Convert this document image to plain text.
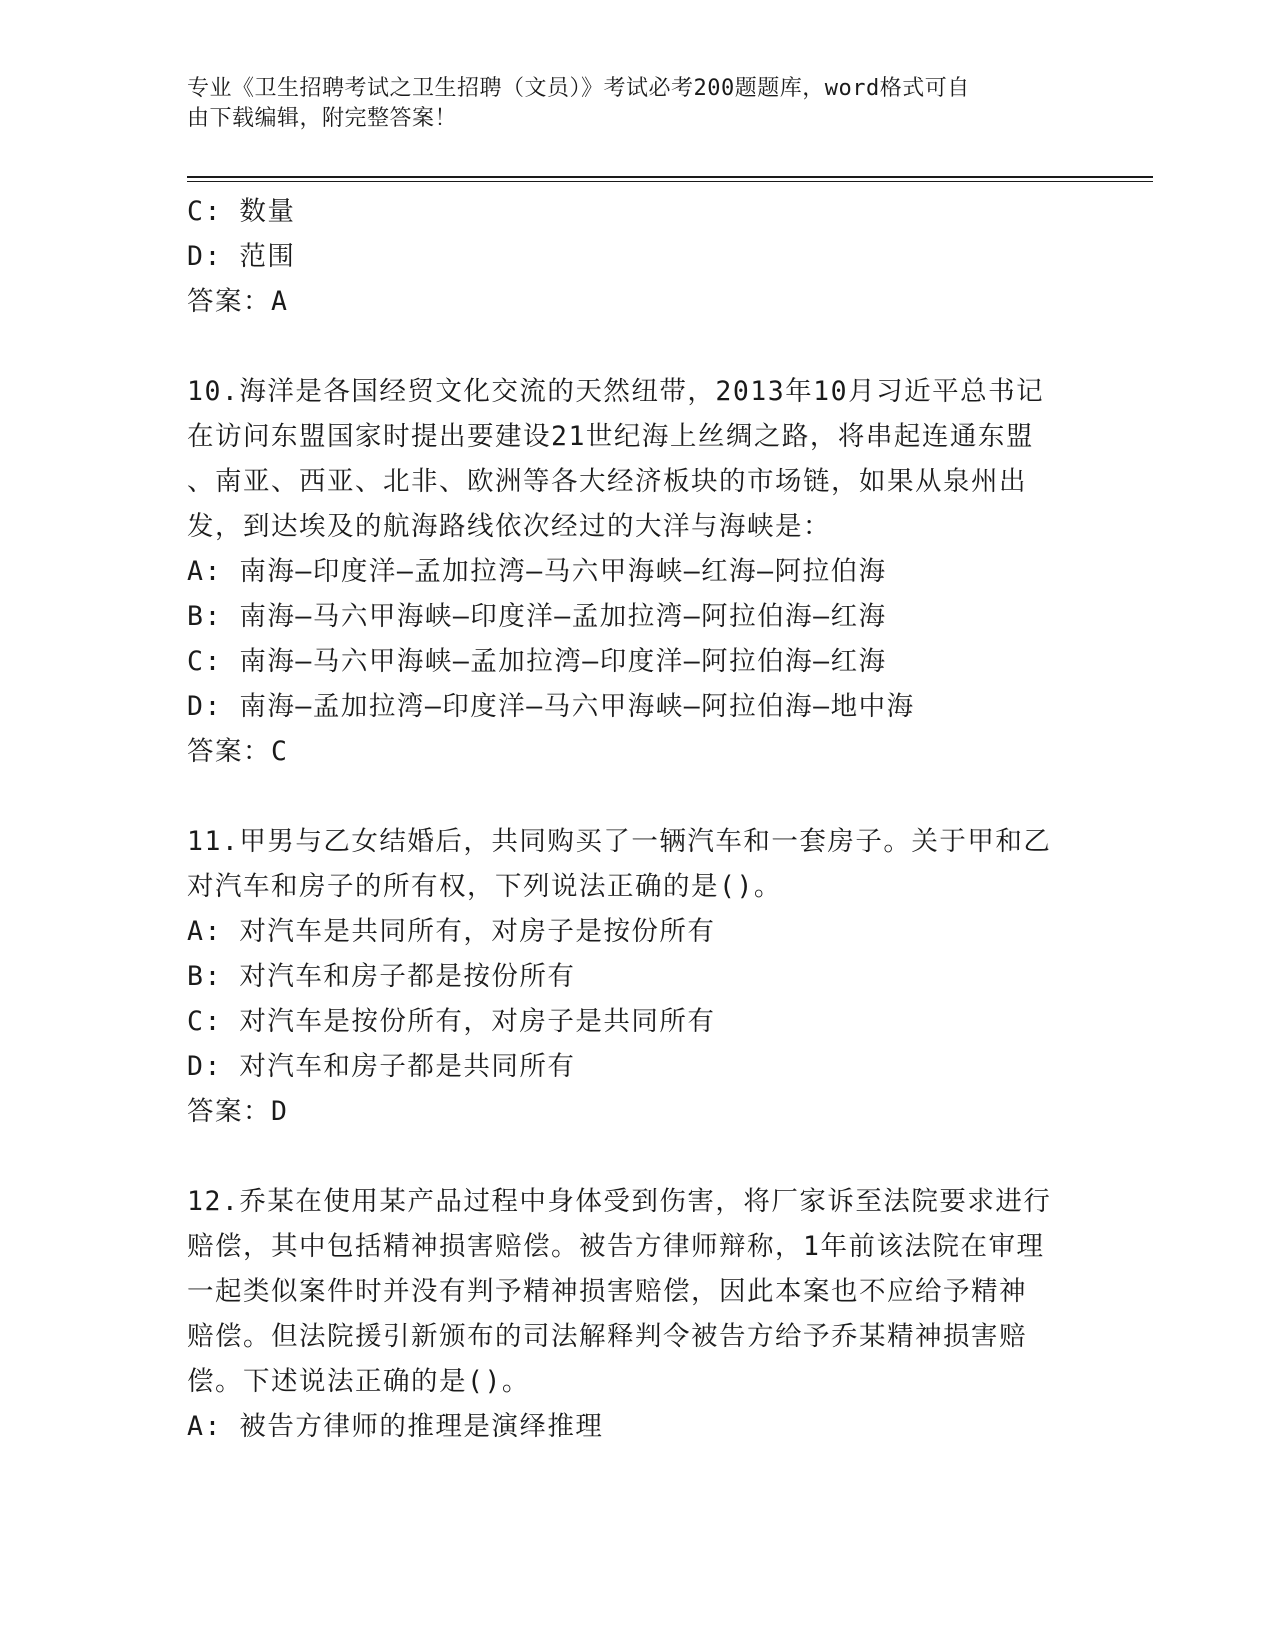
专业《卫生招聘考试之卫生招聘（文员）》考试必考200题题库，word格式可自
由下载编辑，附完整答案！
C: 数量
D: 范围
答案：A
10.海洋是各国经贸文化交流的天然纽带，2013年10月习近平总书记
在访问东盟国家时提出要建设21世纪海上丝绸之路，将串起连通东盟
、南亚、西亚、北非、欧洲等各大经济板块的市场链，如果从泉州出
发，到达埃及的航海路线依次经过的大洋与海峡是：
A: 南海—印度洋—孟加拉湾—马六甲海峡—红海—阿拉伯海
B: 南海—马六甲海峡—印度洋—孟加拉湾—阿拉伯海—红海
C: 南海—马六甲海峡—孟加拉湾—印度洋—阿拉伯海—红海
D: 南海—孟加拉湾—印度洋—马六甲海峡—阿拉伯海—地中海
答案：C
11.甲男与乙女结婚后，共同购买了一辆汽车和一套房子。关于甲和乙
对汽车和房子的所有权，下列说法正确的是()。
A: 对汽车是共同所有，对房子是按份所有
B: 对汽车和房子都是按份所有
C: 对汽车是按份所有，对房子是共同所有
D: 对汽车和房子都是共同所有
答案：D
12.乔某在使用某产品过程中身体受到伤害，将厂家诉至法院要求进行
赔偿，其中包括精神损害赔偿。被告方律师辩称，1年前该法院在审理
一起类似案件时并没有判予精神损害赔偿，因此本案也不应给予精神
赔偿。但法院援引新颁布的司法解释判令被告方给予乔某精神损害赔
偿。下述说法正确的是()。
A: 被告方律师的推理是演绎推理
